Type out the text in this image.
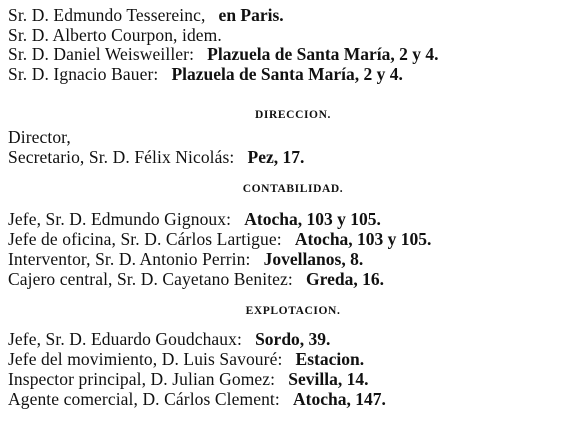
Sr. D. Edmundo Tessereinc, en Paris.
Sr. D. Alberto Courpon, idem.
Sr. D. Daniel Weisweiller: Plazuela de Santa María, 2 y 4.
Sr. D. Ignacio Bauer: Plazuela de Santa María, 2 y 4.
DIRECCION.
Director,
Secretario, Sr. D. Félix Nicolás: Pez, 17.
CONTABILIDAD.
Jefe, Sr. D. Edmundo Gignoux: Atocha, 103 y 105.
Jefe de oficina, Sr. D. Cárlos Lartigue: Atocha, 103 y 105.
Interventor, Sr. D. Antonio Perrin: Jovellanos, 8.
Cajero central, Sr. D. Cayetano Benitez: Greda, 16.
EXPLOTACION.
Jefe, Sr. D. Eduardo Goudchaux: Sordo, 39.
Jefe del movimiento, D. Luis Savouré: Estacion.
Inspector principal, D. Julian Gomez: Sevilla, 14.
Agente comercial, D. Cárlos Clement: Atocha, 147.
